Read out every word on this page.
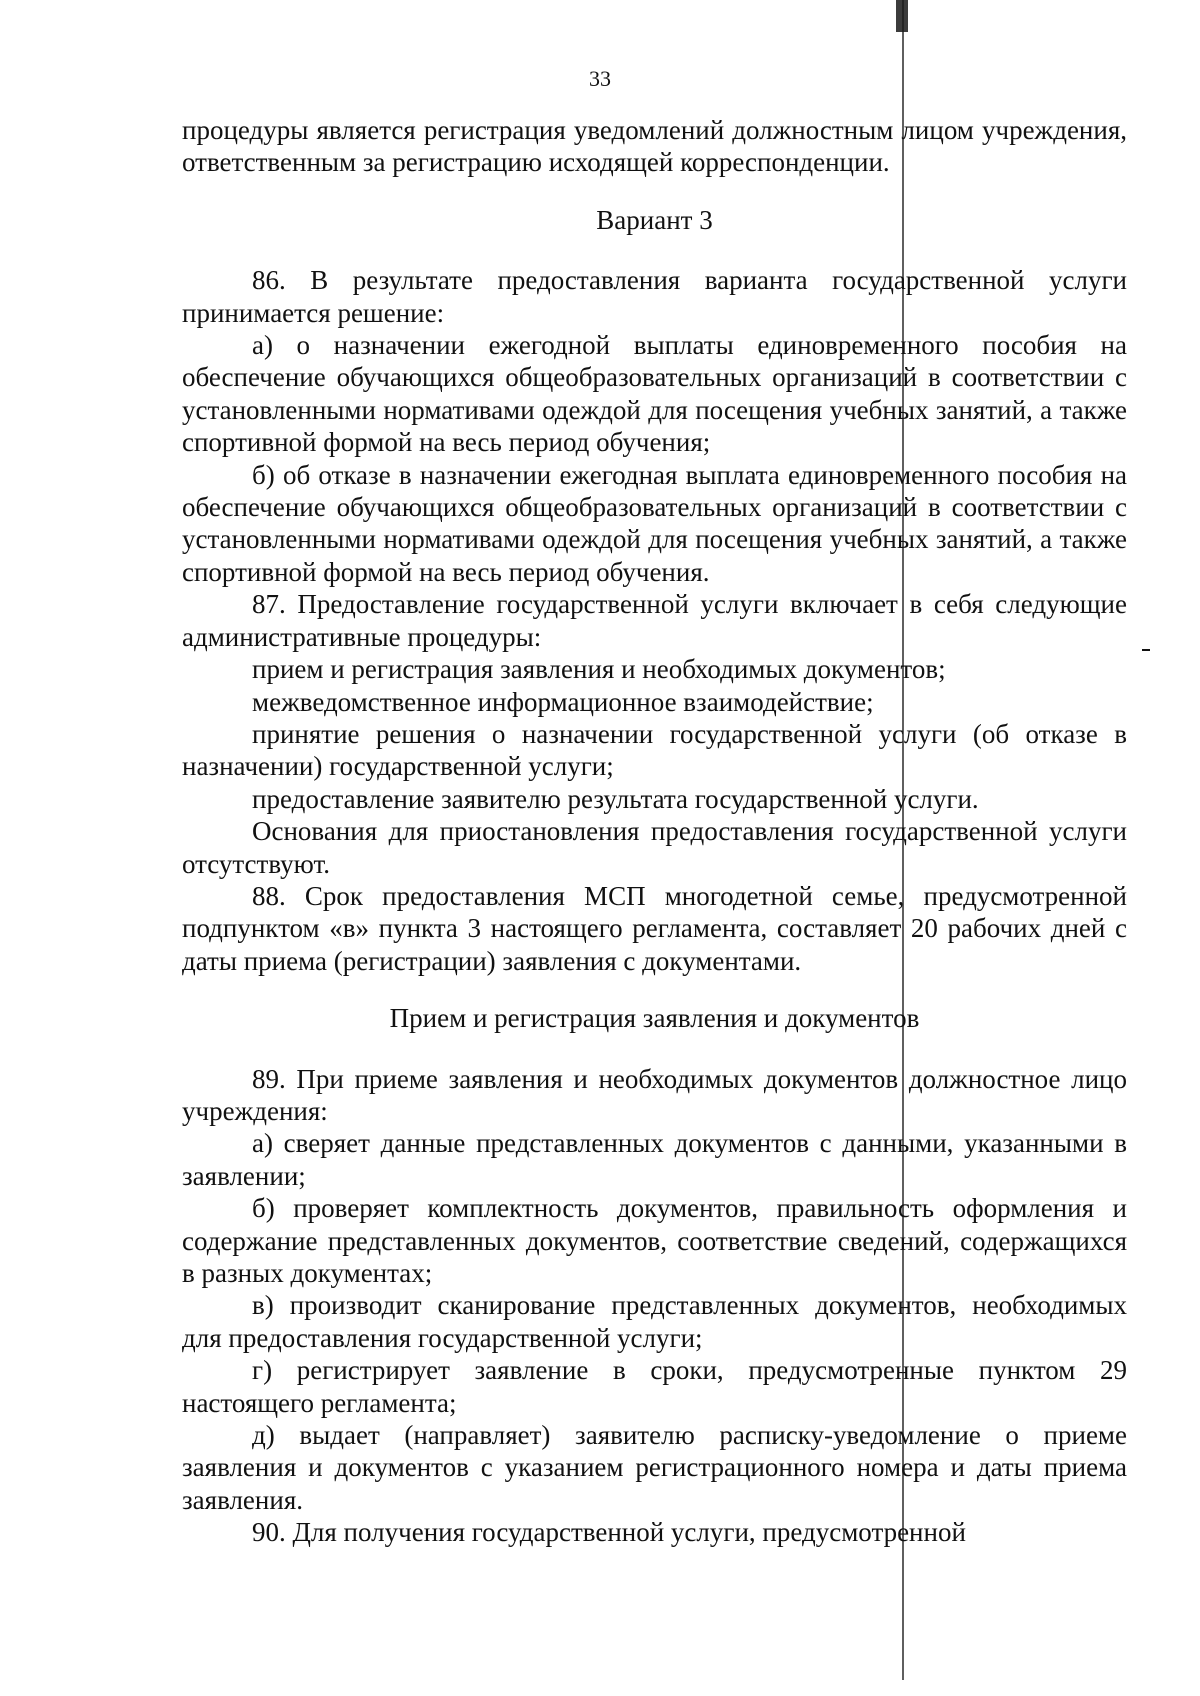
33

процедуры является регистрация уведомлений должностным лицом учреждения, ответственным за регистрацию исходящей корреспонденции.

Вариант 3

86. В результате предоставления варианта государственной услуги принимается решение:

а) о назначении ежегодной выплаты единовременного пособия на обеспечение обучающихся общеобразовательных организаций в соответствии с установленными нормативами одеждой для посещения учебных занятий, а также спортивной формой на весь период обучения;

б) об отказе в назначении ежегодная выплата единовременного пособия на обеспечение обучающихся общеобразовательных организаций в соответствии с установленными нормативами одеждой для посещения учебных занятий, а также спортивной формой на весь период обучения.

87. Предоставление государственной услуги включает в себя следующие административные процедуры:

прием и регистрация заявления и необходимых документов;

межведомственное информационное взаимодействие;

принятие решения о назначении государственной услуги (об отказе в назначении) государственной услуги;

предоставление заявителю результата государственной услуги.

Основания для приостановления предоставления государственной услуги отсутствуют.

88. Срок предоставления МСП многодетной семье, предусмотренной подпунктом «в» пункта 3 настоящего регламента, составляет 20 рабочих дней с даты приема (регистрации) заявления с документами.

Прием и регистрация заявления и документов

89. При приеме заявления и необходимых документов должностное лицо учреждения:

а) сверяет данные представленных документов с данными, указанными в заявлении;

б) проверяет комплектность документов, правильность оформления и содержание представленных документов, соответствие сведений, содержащихся в разных документах;

в) производит сканирование представленных документов, необходимых для предоставления государственной услуги;

г) регистрирует заявление в сроки, предусмотренные пунктом 29 настоящего регламента;

д) выдает (направляет) заявителю расписку-уведомление о приеме заявления и документов с указанием регистрационного номера и даты приема заявления.

90. Для получения государственной услуги, предусмотренной
